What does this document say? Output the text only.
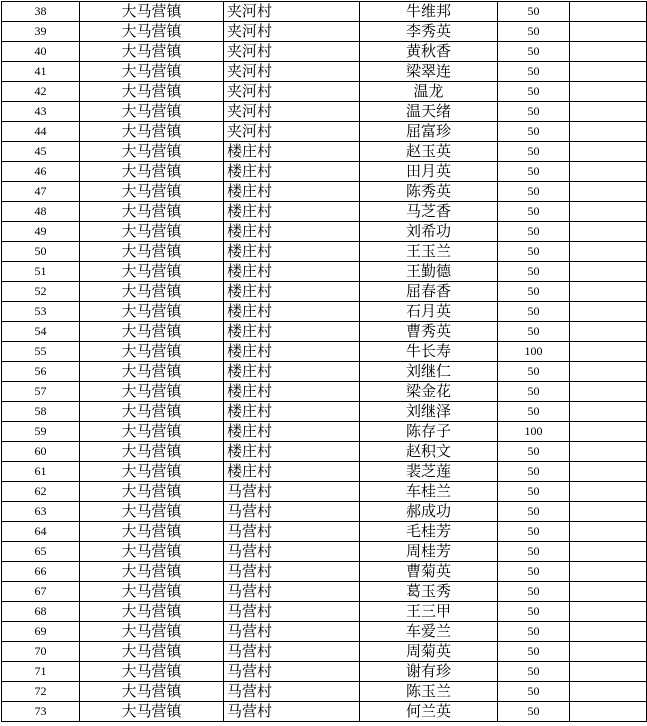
38	大马营镇	夹河村	牛维邦	50	
39	大马营镇	夹河村	李秀英	50	
40	大马营镇	夹河村	黄秋香	50	
41	大马营镇	夹河村	梁翠连	50	
42	大马营镇	夹河村	温龙	50	
43	大马营镇	夹河村	温天绪	50	
44	大马营镇	夹河村	屈富珍	50	
45	大马营镇	楼庄村	赵玉英	50	
46	大马营镇	楼庄村	田月英	50	
47	大马营镇	楼庄村	陈秀英	50	
48	大马营镇	楼庄村	马芝香	50	
49	大马营镇	楼庄村	刘希功	50	
50	大马营镇	楼庄村	王玉兰	50	
51	大马营镇	楼庄村	王勤德	50	
52	大马营镇	楼庄村	屈春香	50	
53	大马营镇	楼庄村	石月英	50	
54	大马营镇	楼庄村	曹秀英	50	
55	大马营镇	楼庄村	牛长寿	100	
56	大马营镇	楼庄村	刘继仁	50	
57	大马营镇	楼庄村	梁金花	50	
58	大马营镇	楼庄村	刘继泽	50	
59	大马营镇	楼庄村	陈存子	100	
60	大马营镇	楼庄村	赵积文	50	
61	大马营镇	楼庄村	裴芝莲	50	
62	大马营镇	马营村	车桂兰	50	
63	大马营镇	马营村	郝成功	50	
64	大马营镇	马营村	毛桂芳	50	
65	大马营镇	马营村	周桂芳	50	
66	大马营镇	马营村	曹菊英	50	
67	大马营镇	马营村	葛玉秀	50	
68	大马营镇	马营村	王三甲	50	
69	大马营镇	马营村	车爱兰	50	
70	大马营镇	马营村	周菊英	50	
71	大马营镇	马营村	谢有珍	50	
72	大马营镇	马营村	陈玉兰	50	
73	大马营镇	马营村	何兰英	50	
